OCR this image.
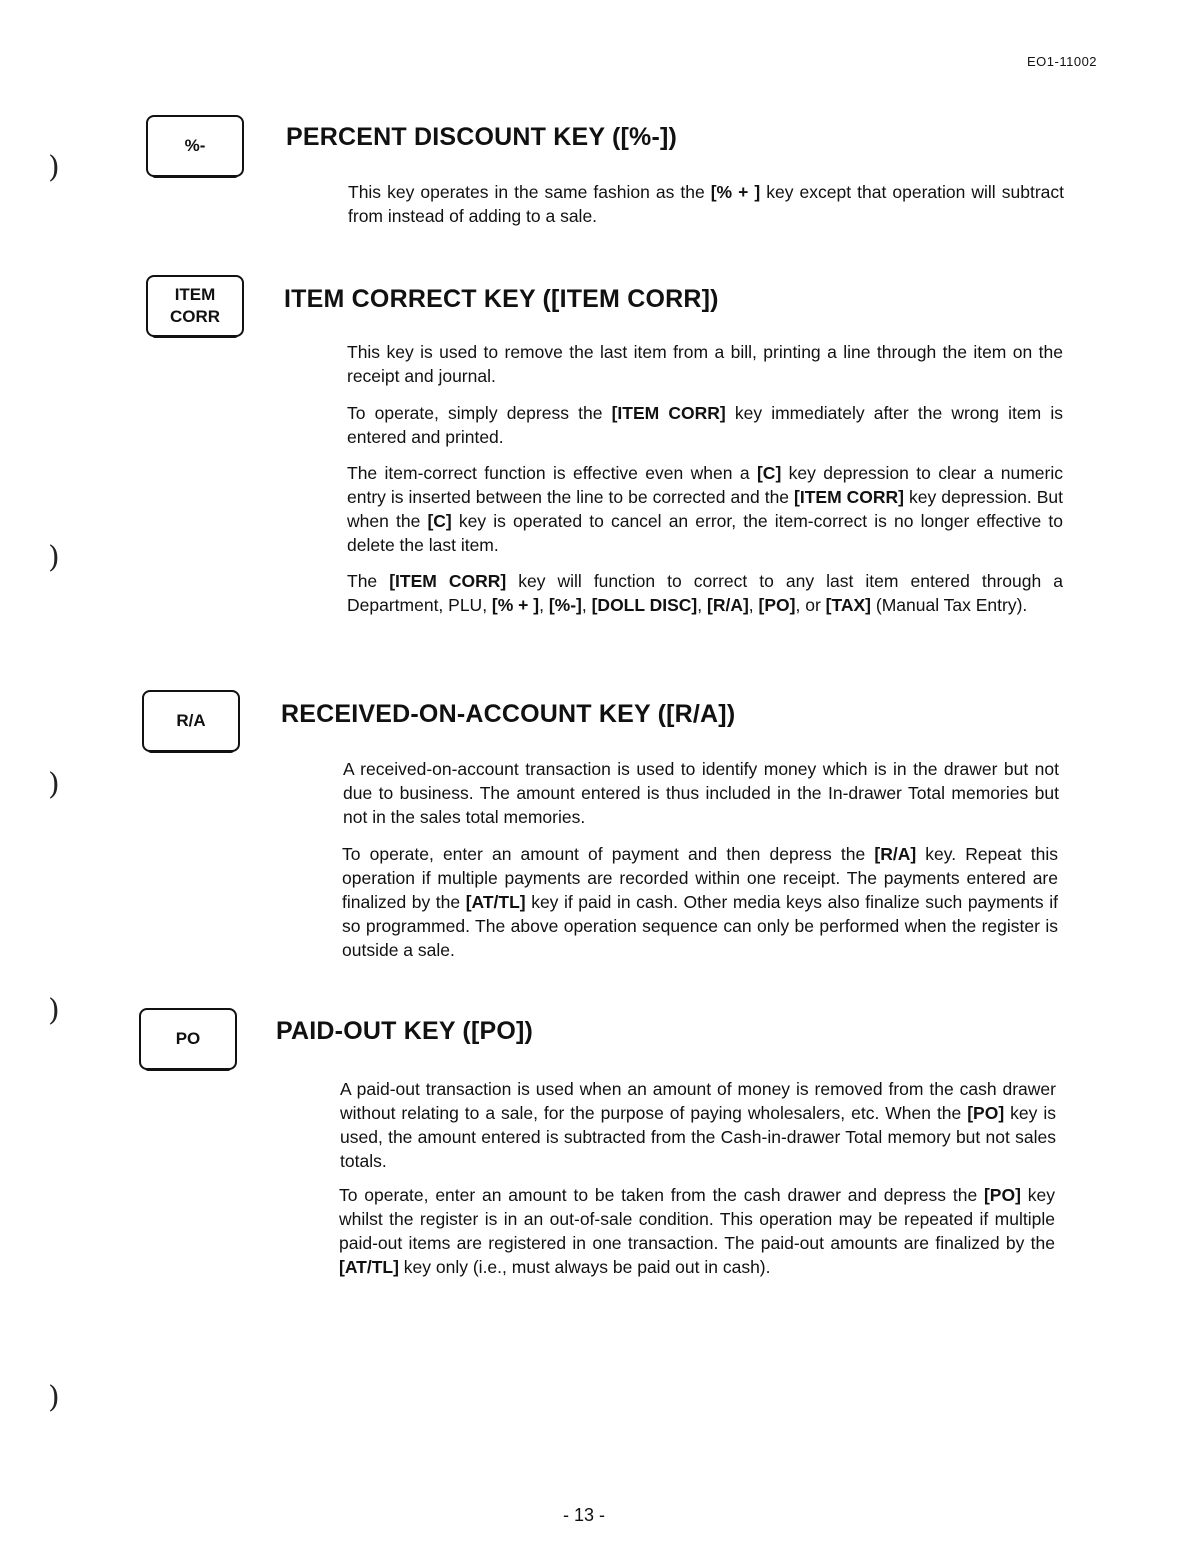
EO1-11002
)
)
)
)
)
%-	PERCENT DISCOUNT KEY ([%-])

This key operates in the same fashion as the [% + ] key except that operation will subtract from instead of adding to a sale.

ITEM
CORR
ITEM CORRECT KEY ([ITEM CORR])

This key is used to remove the last item from a bill, printing a line through the item on the receipt and journal.

To operate, simply depress the [ITEM CORR] key immediately after the wrong item is entered and printed.

The item-correct function is effective even when a [C] key depression to clear a numeric entry is inserted between the line to be corrected and the [ITEM CORR] key depression. But when the [C] key is operated to cancel an error, the item-correct is no longer effective to delete the last item.

The [ITEM CORR] key will function to correct to any last item entered through a Department, PLU, [% + ], [%-], [DOLL DISC], [R/A], [PO], or [TAX] (Manual Tax Entry).

R/A	RECEIVED-ON-ACCOUNT KEY ([R/A])

A received-on-account transaction is used to identify money which is in the drawer but not due to business. The amount entered is thus included in the In-drawer Total memories but not in the sales total memories.

To operate, enter an amount of payment and then depress the [R/A] key. Repeat this operation if multiple payments are recorded within one receipt. The payments entered are finalized by the [AT/TL] key if paid in cash. Other media keys also finalize such payments if so programmed. The above operation sequence can only be performed when the register is outside a sale.

PO	PAID-OUT KEY ([PO])

A paid-out transaction is used when an amount of money is removed from the cash drawer without relating to a sale, for the purpose of paying wholesalers, etc. When the [PO] key is used, the amount entered is subtracted from the Cash-in-drawer Total memory but not sales totals.

To operate, enter an amount to be taken from the cash drawer and depress the [PO] key whilst the register is in an out-of-sale condition. This operation may be repeated if multiple paid-out items are registered in one transaction. The paid-out amounts are finalized by the [AT/TL] key only (i.e., must always be paid out in cash).

- 13 -
